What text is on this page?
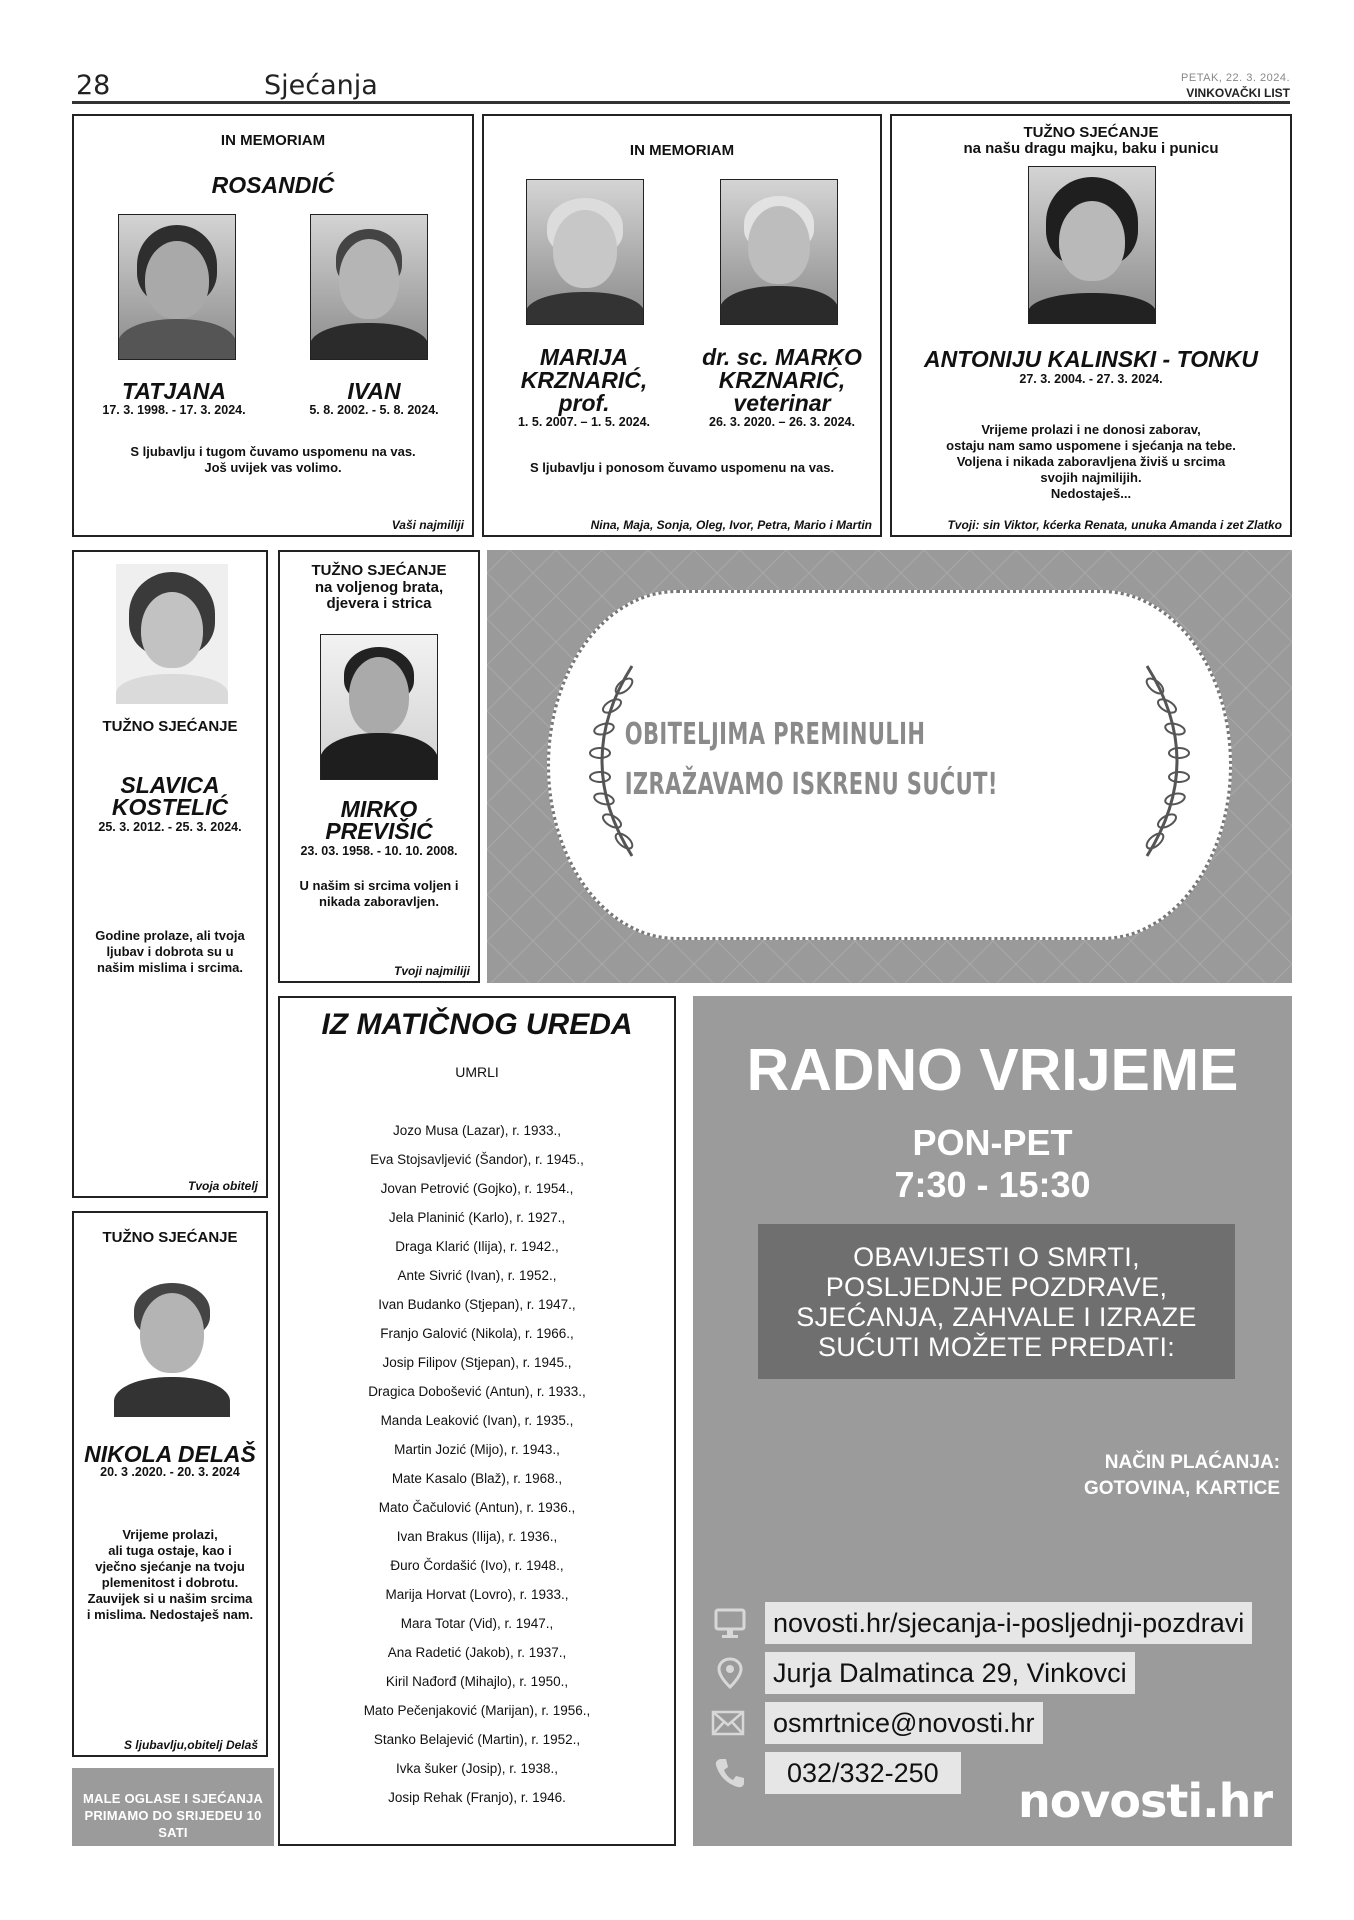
28	Sjećanja	PETAK, 22. 3. 2024.
VINKOVAČKI LIST
IN MEMORIAM
ROSANDIĆ
TATJANA
17. 3. 1998. - 17. 3. 2024.
IVAN
5. 8. 2002. - 5. 8. 2024.
S ljubavlju i tugom čuvamo uspomenu na vas.
Još uvijek vas volimo.
Vaši najmiliji
IN MEMORIAM
MARIJA
KRZNARIĆ,
prof.
1. 5. 2007. – 1. 5. 2024.
dr. sc. MARKO
KRZNARIĆ,
veterinar
26. 3. 2020. – 26. 3. 2024.
S ljubavlju i ponosom čuvamo uspomenu na vas.
Nina, Maja, Sonja, Oleg, Ivor, Petra, Mario i Martin
TUŽNO SJEĆANJE
na našu dragu majku, baku i punicu
ANTONIJU KALINSKI - TONKU
27. 3. 2004. - 27. 3. 2024.
Vrijeme prolazi i ne donosi zaborav,
ostaju nam samo uspomene i sjećanja na tebe.
Voljena i nikada zaboravljena živiš u srcima
svojih najmilijih.
Nedostaješ...
Tvoji: sin Viktor, kćerka Renata, unuka Amanda i zet Zlatko
TUŽNO SJEĆANJE
SLAVICA
KOSTELIĆ
25. 3. 2012. - 25. 3. 2024.
Godine prolaze, ali tvoja
ljubav i dobrota su u
našim mislima i srcima.
Tvoja obitelj
TUŽNO SJEĆANJE
na voljenog brata,
djevera i strica
MIRKO
PREVIŠIĆ
23. 03. 1958. - 10. 10. 2008.
U našim si srcima voljen i
nikada zaboravljen.
Tvoji najmiliji
OBITELJIMA PREMINULIH
IZRAŽAVAMO ISKRENU SUĆUT!
IZ MATIČNOG UREDA
UMRLI
Jozo Musa (Lazar), r. 1933.,
Eva Stojsavljević (Šandor), r. 1945.,
Jovan Petrović (Gojko), r. 1954.,
Jela Planinić (Karlo), r. 1927.,
Draga Klarić (Ilija), r. 1942.,
Ante Sivrić (Ivan), r. 1952.,
Ivan Budanko (Stjepan), r. 1947.,
Franjo Galović (Nikola), r. 1966.,
Josip Filipov (Stjepan), r. 1945.,
Dragica Dobošević (Antun), r. 1933.,
Manda Leaković (Ivan), r. 1935.,
Martin Jozić (Mijo), r. 1943.,
Mate Kasalo (Blaž), r. 1968.,
Mato Čačulović (Antun), r. 1936.,
Ivan Brakus (Ilija), r. 1936.,
Đuro Čordašić (Ivo), r. 1948.,
Marija Horvat (Lovro), r. 1933.,
Mara Totar (Vid), r. 1947.,
Ana Radetić (Jakob), r. 1937.,
Kiril Nađorđ (Mihajlo), r. 1950.,
Mato Pečenjaković (Marijan), r. 1956.,
Stanko Belajević (Martin), r. 1952.,
Ivka šuker (Josip), r. 1938.,
Josip Rehak (Franjo), r. 1946.
TUŽNO SJEĆANJE
NIKOLA DELAŠ
20. 3 .2020. - 20. 3. 2024
Vrijeme prolazi,
ali tuga ostaje, kao i
vječno sjećanje na tvoju
plemenitost i dobrotu.
Zauvijek si u našim srcima
i mislima. Nedostaješ nam.
S ljubavlju,obitelj Delaš
MALE OGLASE I SJEĆANJA
PRIMAMO DO SRIJEDEU 10 SATI
RADNO VRIJEME
PON-PET
7:30 - 15:30
OBAVIJESTI O SMRTI,
POSLJEDNJE POZDRAVE,
SJEĆANJA, ZAHVALE I IZRAZE
SUĆUTI MOŽETE PREDATI:
NAČIN PLAĆANJA:
GOTOVINA, KARTICE
novosti.hr/sjecanja-i-posljednji-pozdravi
Jurja Dalmatinca 29, Vinkovci
osmrtnice@novosti.hr
032/332-250
novosti.hr
